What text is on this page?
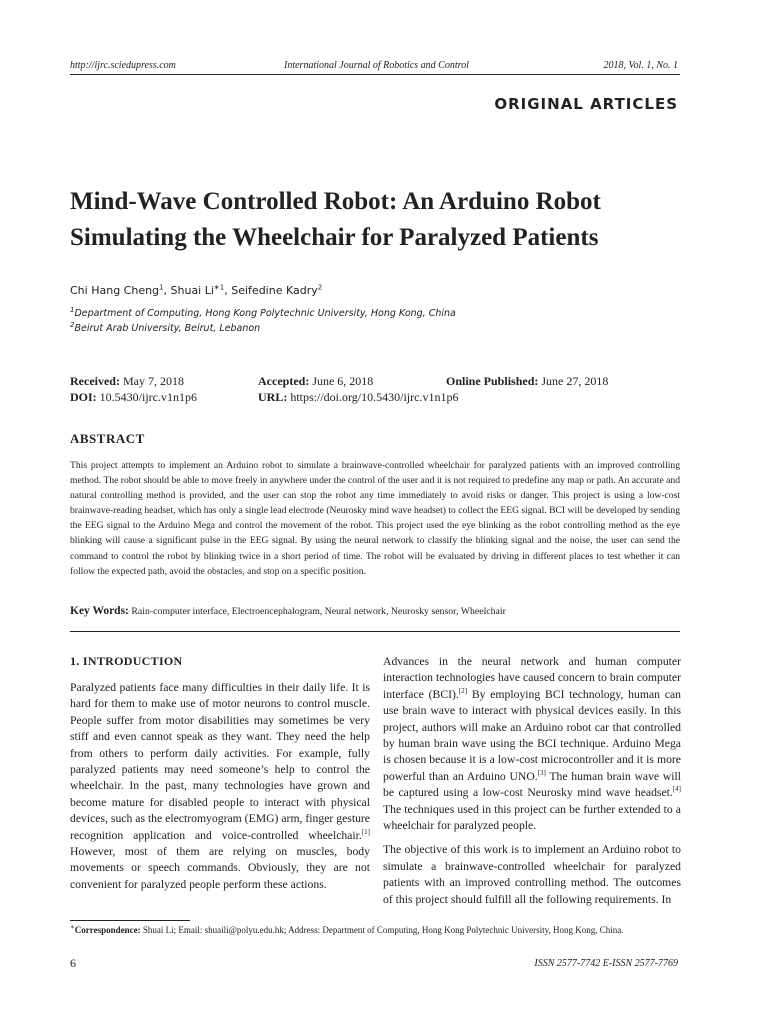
http://ijrc.sciedupress.com	International Journal of Robotics and Control	2018, Vol. 1, No. 1
ORIGINAL ARTICLES
Mind-Wave Controlled Robot: An Arduino Robot
Simulating the Wheelchair for Paralyzed Patients
Chi Hang Cheng$^1$, Shuai $Li^{∗1}$, Seifedine Kadry$^2$
$^1$Department of Computing, Hong Kong Polytechnic University, Hong Kong, China
$^2$Beirut Arab University, Beirut, Lebanon
Received: May 7, 2018	Accepted: June 6, 2018	Online Published: June 27, 2018
DOI: 10.5430/ijrc.v1n1p6	URL: https://doi.org/10.5430/ijrc.v1n1p6
ABSTRACT
This project attempts to implement an Arduino robot to simulate a brainwave-controlled wheelchair for paralyzed patients with an improved controlling method. The robot should be able to move freely in anywhere under the control of the user and it is not required to predefine any map or path. An accurate and natural controlling method is provided, and the user can stop the robot any time immediately to avoid risks or danger. This project is using a low-cost brainwave-reading headset, which has only a single lead electrode (Neurosky mind wave headset) to collect the EEG signal. BCI will be developed by sending the EEG signal to the Arduino Mega and control the movement of the robot. This project used the eye blinking as the robot controlling method as the eye blinking will cause a significant pulse in the EEG signal. By using the neural network to classify the blinking signal and the noise, the user can send the command to control the robot by blinking twice in a short period of time. The robot will be evaluated by driving in different places to test whether it can follow the expected path, avoid the obstacles, and stop on a specific position.
Key Words: Rain-computer interface, Electroencephalogram, Neural network, Neurosky sensor, Wheelchair
1. INTRODUCTION

Paralyzed patients face many difficulties in their daily life. It is hard for them to make use of motor neurons to control muscle. People suffer from motor disabilities may sometimes be very stiff and even cannot speak as they want. They need the help from others to perform daily activities. For example, fully paralyzed patients may need someone’s help to control the wheelchair. In the past, many technologies have grown and become mature for disabled people to interact with physical devices, such as the electromyogram (EMG) arm, finger gesture recognition application and voice-controlled wheelchair.[1] However, most of them are relying on muscles, body movements or speech commands. Obviously, they are not convenient for paralyzed people perform these actions.

Advances in the neural network and human computer interaction technologies have caused concern to brain computer interface (BCI).[2] By employing BCI technology, human can use brain wave to interact with physical devices easily. In this project, authors will make an Arduino robot car that controlled by human brain wave using the BCI technique. Arduino Mega is chosen because it is a low-cost microcontroller and it is more powerful than an Arduino UNO.[3] The human brain wave will be captured using a low-cost Neurosky mind wave headset.[4] The techniques used in this project can be further extended to a wheelchair for paralyzed people.

The objective of this work is to implement an Arduino robot to simulate a brainwave-controlled wheelchair for paralyzed patients with an improved controlling method. The outcomes of this project should fulfill all the following requirements. In

∗Correspondence: Shuai Li; Email: shuaili@polyu.edu.hk; Address: Department of Computing, Hong Kong Polytechnic University, Hong Kong, China.
6	ISSN 2577-7742 E-ISSN 2577-7769
